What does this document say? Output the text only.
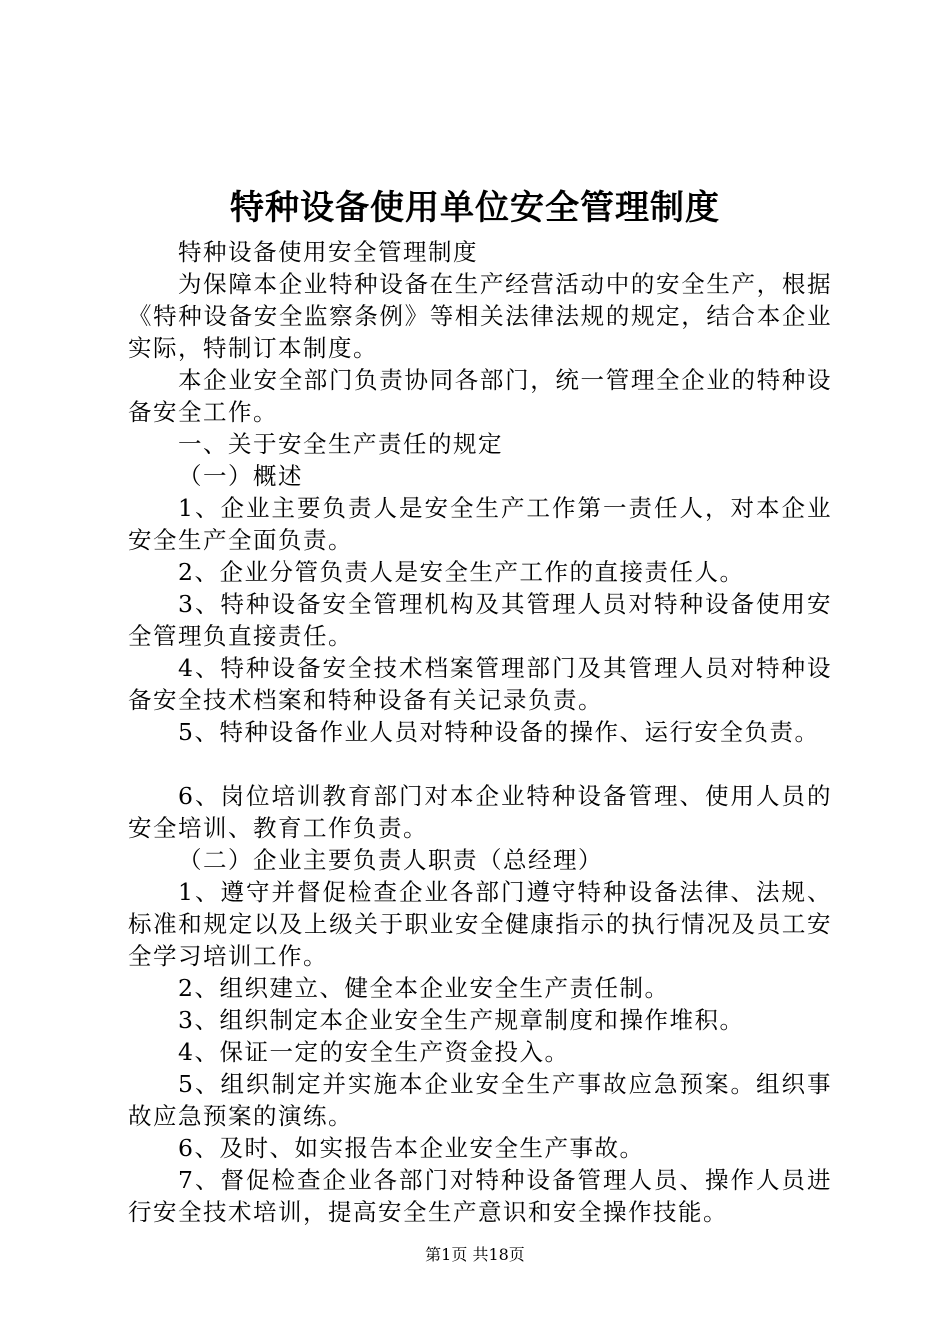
特种设备使用单位安全管理制度

特种设备使用安全管理制度

为保障本企业特种设备在生产经营活动中的安全生产，根据《特种设备安全监察条例》等相关法律法规的规定，结合本企业实际，特制订本制度。

本企业安全部门负责协同各部门，统一管理全企业的特种设备安全工作。

一、关于安全生产责任的规定

（一）概述

1、企业主要负责人是安全生产工作第一责任人，对本企业安全生产全面负责。

2、企业分管负责人是安全生产工作的直接责任人。

3、特种设备安全管理机构及其管理人员对特种设备使用安全管理负直接责任。

4、特种设备安全技术档案管理部门及其管理人员对特种设备安全技术档案和特种设备有关记录负责。

5、特种设备作业人员对特种设备的操作、运行安全负责。

6、岗位培训教育部门对本企业特种设备管理、使用人员的安全培训、教育工作负责。

（二）企业主要负责人职责（总经理）

1、遵守并督促检查企业各部门遵守特种设备法律、法规、标准和规定以及上级关于职业安全健康指示的执行情况及员工安全学习培训工作。

2、组织建立、健全本企业安全生产责任制。

3、组织制定本企业安全生产规章制度和操作堆积。

4、保证一定的安全生产资金投入。

5、组织制定并实施本企业安全生产事故应急预案。组织事故应急预案的演练。

6、及时、如实报告本企业安全生产事故。

7、督促检查企业各部门对特种设备管理人员、操作人员进行安全技术培训，提高安全生产意识和安全操作技能。

第1页 共18页
